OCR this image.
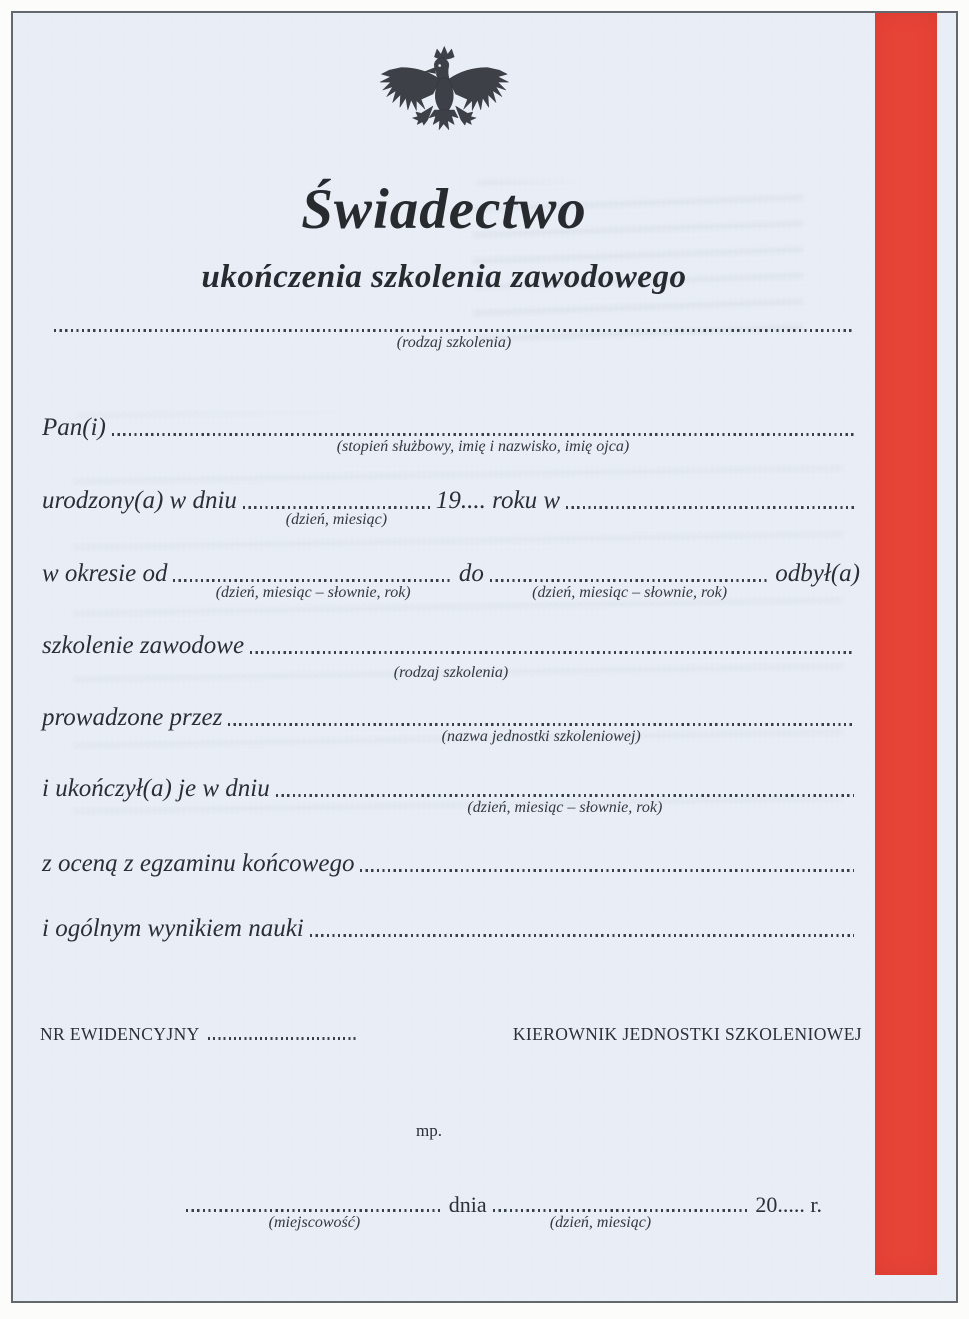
Świadectwo
ukończenia szkolenia zawodowego
(rodzaj szkolenia)
Pan(i)
(stopień służbowy, imię i nazwisko, imię ojca)
urodzony(a) w dniu
(dzień, miesiąc)
19.... roku w
w okresie od
(dzień, miesiąc – słownie, rok)
do
(dzień, miesiąc – słownie, rok)
odbył(a)
szkolenie zawodowe
(rodzaj szkolenia)
prowadzone przez
(nazwa jednostki szkoleniowej)
i ukończył(a) je w dniu
(dzień, miesiąc – słownie, rok)
z oceną z egzaminu końcowego
i ogólnym wynikiem nauki
NR EWIDENCYJNY	KIEROWNIK JEDNOSTKI SZKOLENIOWEJ
mp.
(miejscowość)
dnia
(dzień, miesiąc)
20..... r.
